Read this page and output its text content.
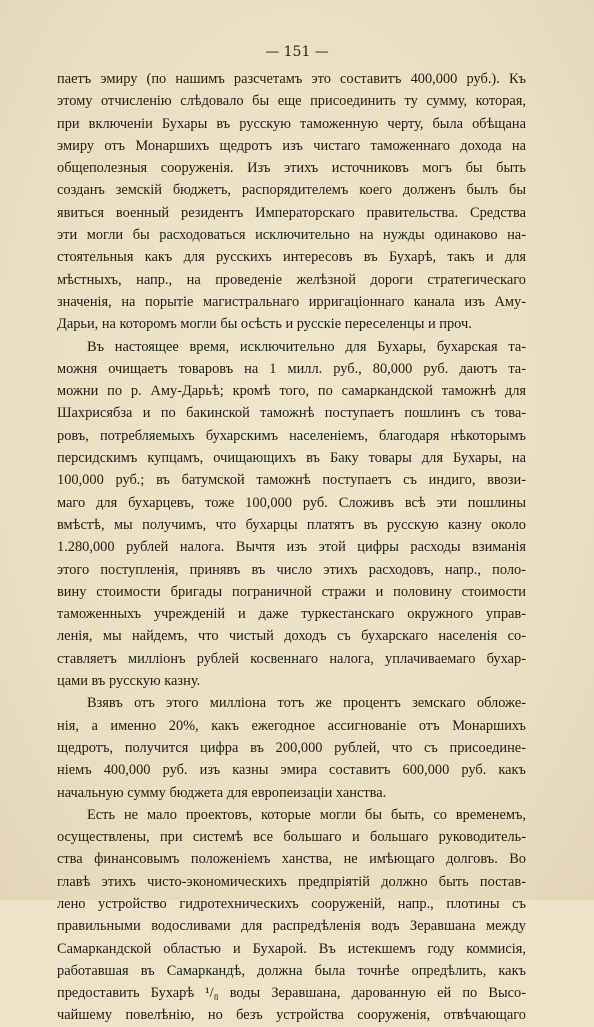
— 151 —
паетъ эмиру (по нашимъ разсчетамъ это составитъ 400,000 руб.). Къ
этому отчисленію слѣдовало бы еще присоединить ту сумму, которая,
при включеніи Бухары въ русскую таможенную черту, была обѣщана
эмиру отъ Монаршихъ щедротъ изъ чистаго таможеннаго дохода на
общеполезныя сооруженія. Изъ этихъ источниковъ могъ бы быть
созданъ земскій бюджетъ, распорядителемъ коего долженъ былъ бы
явиться военный резидентъ Императорскаго правительства. Средства
эти могли бы расходоваться исключительно на нужды одинаково на-
стоятельныя какъ для русскихъ интересовъ въ Бухарѣ, такъ и для
мѣстныхъ, напр., на проведеніе желѣзной дороги стратегическаго
значенія, на порытіе магистральнаго ирригаціоннаго канала изъ Аму-
Дарьи, на которомъ могли бы осѣсть и русскіе переселенцы и проч.
Въ настоящее время, исключительно для Бухары, бухарская та-
можня очищаетъ товаровъ на 1 милл. руб., 80,000 руб. даютъ та-
можни по р. Аму-Дарьѣ; кромѣ того, по самаркандской таможнѣ для
Шахрисябза и по бакинской таможнѣ поступаетъ пошлинъ съ това-
ровъ, потребляемыхъ бухарскимъ населеніемъ, благодаря нѣкоторымъ
персидскимъ купцамъ, очищающихъ въ Баку товары для Бухары, на
100,000 руб.; въ батумской таможнѣ поступаетъ съ индиго, ввози-
маго для бухарцевъ, тоже 100,000 руб. Сложивъ всѣ эти пошлины
вмѣстѣ, мы получимъ, что бухарцы платятъ въ русскую казну около
1.280,000 рублей налога. Вычтя изъ этой цифры расходы взиманія
этого поступленія, принявъ въ число этихъ расходовъ, напр., поло-
вину стоимости бригады пограничной стражи и половину стоимости
таможенныхъ учрежденій и даже туркестанскаго окружного управ-
ленія, мы найдемъ, что чистый доходъ съ бухарскаго населенія со-
ставляетъ милліонъ рублей косвеннаго налога, уплачиваемаго бухар-
цами въ русскую казну.
Взявъ отъ этого милліона тотъ же процентъ земскаго обложе-
нія, а именно 20%, какъ ежегодное ассигнованіе отъ Монаршихъ
щедротъ, получится цифра въ 200,000 рублей, что съ присоедине-
ніемъ 400,000 руб. изъ казны эмира составитъ 600,000 руб. какъ
начальную сумму бюджета для европеизаціи ханства.
Есть не мало проектовъ, которые могли бы быть, со временемъ,
осуществлены, при системѣ все большаго и большаго руководитель-
ства финансовымъ положеніемъ ханства, не имѣющаго долговъ. Во
главѣ этихъ чисто-экономическихъ предпріятій должно быть постав-
лено устройство гидротехническихъ сооруженій, напр., плотины съ
правильными водосливами для распредѣленія водъ Зеравшана между
Самаркандской областью и Бухарой. Въ истекшемъ году коммисія,
работавшая въ Самаркандѣ, должна была точнѣе опредѣлить, какъ
предоставить Бухарѣ ¹/₈ воды Зеравшана, дарованную ей по Высо-
чайшему повелѣнію, но безъ устройства сооруженія, отвѣчающаго
